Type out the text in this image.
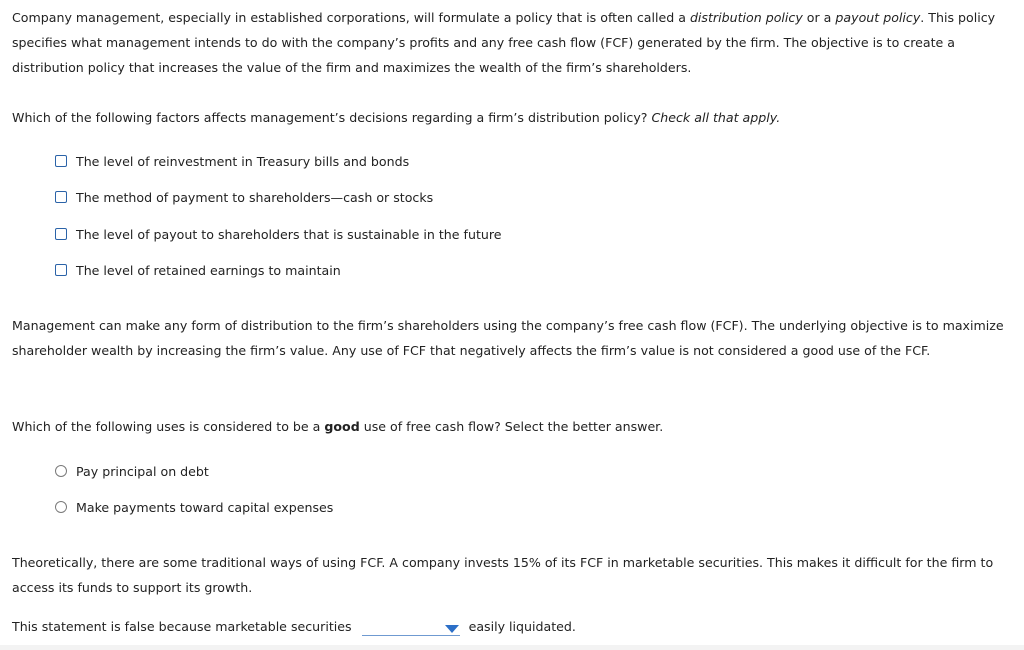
Company management, especially in established corporations, will formulate a policy that is often called a distribution policy or a payout policy. This policy specifies what management intends to do with the company’s profits and any free cash flow (FCF) generated by the firm. The objective is to create a distribution policy that increases the value of the firm and maximizes the wealth of the firm’s shareholders.

Which of the following factors affects management’s decisions regarding a firm’s distribution policy? Check all that apply.

The level of reinvestment in Treasury bills and bonds
The method of payment to shareholders—cash or stocks
The level of payout to shareholders that is sustainable in the future
The level of retained earnings to maintain

Management can make any form of distribution to the firm’s shareholders using the company’s free cash flow (FCF). The underlying objective is to maximize shareholder wealth by increasing the firm’s value. Any use of FCF that negatively affects the firm’s value is not considered a good use of the FCF.

Which of the following uses is considered to be a good use of free cash flow? Select the better answer.

Pay principal on debt
Make payments toward capital expenses

Theoretically, there are some traditional ways of using FCF. A company invests 15% of its FCF in marketable securities. This makes it difficult for the firm to access its funds to support its growth.

This statement is false because marketable securities	easily liquidated.
